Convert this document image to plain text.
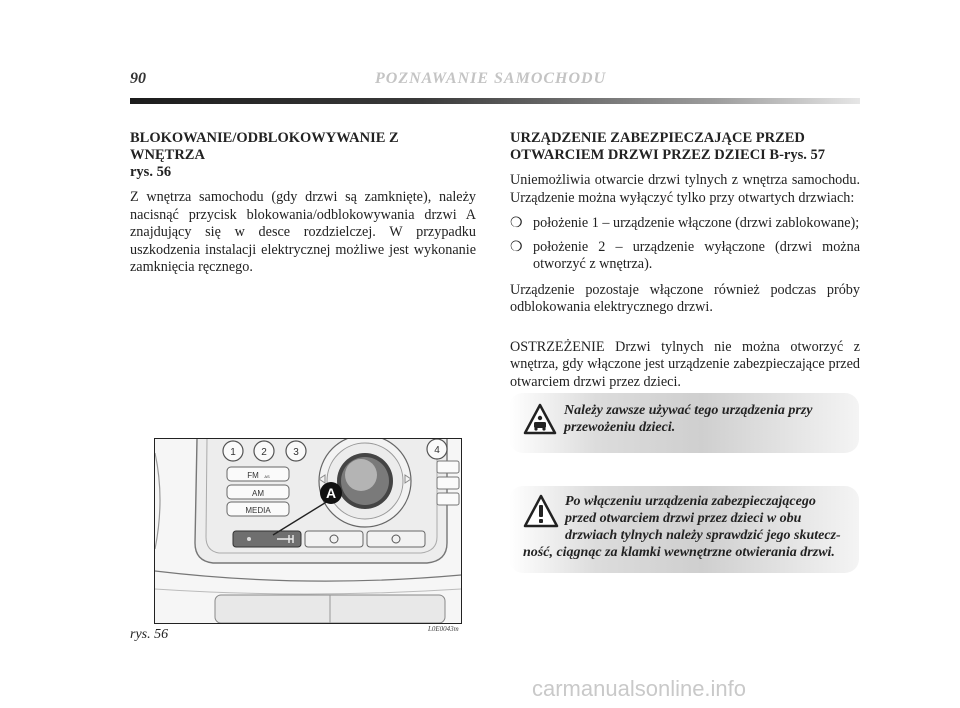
90	POZNAWANIE SAMOCHODU
BLOKOWANIE/ODBLOKOWYWANIE Z WNĘTRZA
rys. 56

Z wnętrza samochodu (gdy drzwi są zamknięte), należy nacisnąć przycisk blokowania/odblokowywania drzwi A znajdujący się w desce rozdzielczej. W przypadku uszkodzenia instalacji elektrycznej możliwe jest wykonanie zamknięcia ręcznego.

URZĄDZENIE ZABEZPIECZAJĄCE PRZED
OTWARCIEM DRZWI PRZEZ DZIECI B-rys. 57

Uniemożliwia otwarcie drzwi tylnych z wnętrza samochodu. Urządzenie można wyłączyć tylko przy otwartych drzwiach:

❍ położenie 1 – urządzenie włączone (drzwi zablokowane);
❍ położenie 2 – urządzenie wyłączone (drzwi można otworzyć z wnętrza).

Urządzenie pozostaje włączone również podczas próby odblokowania elektrycznego drzwi.

OSTRZEŻENIE Drzwi tylnych nie można otworzyć z wnętrza, gdy włączone jest urządzenie zabezpieczające przed otwarciem drzwi przez dzieci.

Należy zawsze używać tego urządzenia przy przewożeniu dzieci.
Po włączeniu urządzenia zabezpieczającego
przed otwarciem drzwi przez dzieci w obu
drzwiach tylnych należy sprawdzić jego skutecz-
ność, ciągnąc za klamki wewnętrzne otwierania drzwi.
1	2	3	4
FM AS
AM
MEDIA
A
rys. 56	L0E0043m
carmanualsonline.info
